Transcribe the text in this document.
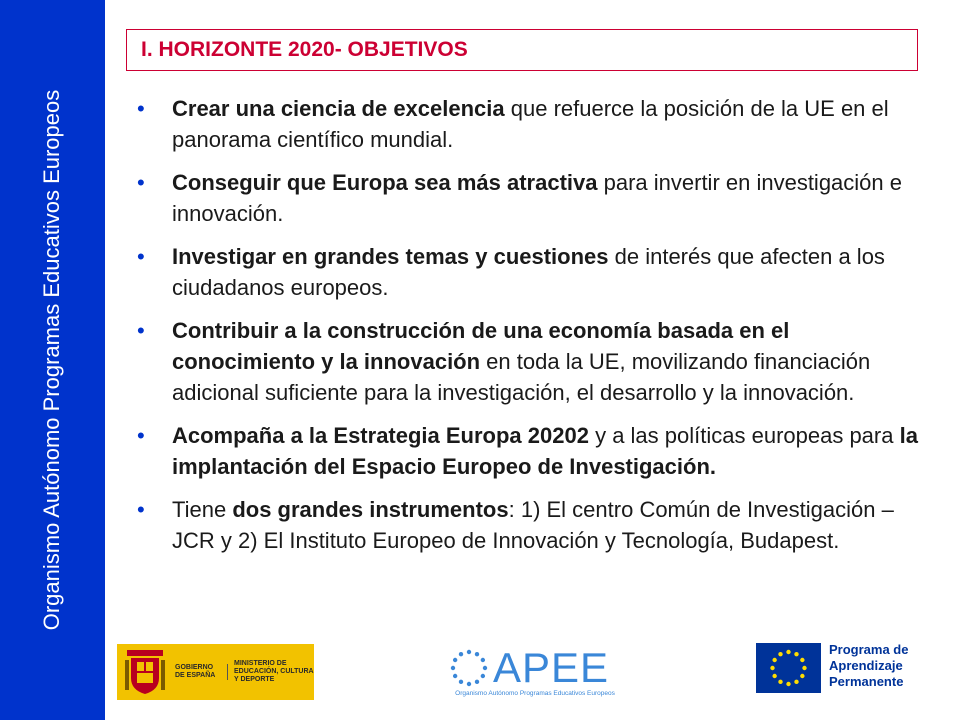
Organismo Autónomo Programas Educativos Europeos
I. HORIZONTE 2020- OBJETIVOS
• Crear una ciencia de excelencia que refuerce la posición de la UE en el panorama científico mundial.
• Conseguir que Europa sea más atractiva para invertir en investigación e innovación.
• Investigar en grandes temas y cuestiones de interés que afecten a los ciudadanos europeos.
• Contribuir a la construcción de una economía basada en el conocimiento y la innovación en toda la UE, movilizando financiación adicional suficiente para la investigación, el desarrollo y la innovación.
• Acompaña a la Estrategia Europa 20202 y a las políticas europeas para la implantación del Espacio Europeo de Investigación.
• Tiene dos grandes instrumentos: 1) El centro Común de Investigación –JCR y 2) El Instituto Europeo de Innovación y Tecnología, Budapest.
GOBIERNO DE ESPAÑA
MINISTERIO DE EDUCACIÓN, CULTURA Y DEPORTE	APEE
Organismo Autónomo Programas Educativos Europeos
Programa de
Aprendizaje
Permanente
